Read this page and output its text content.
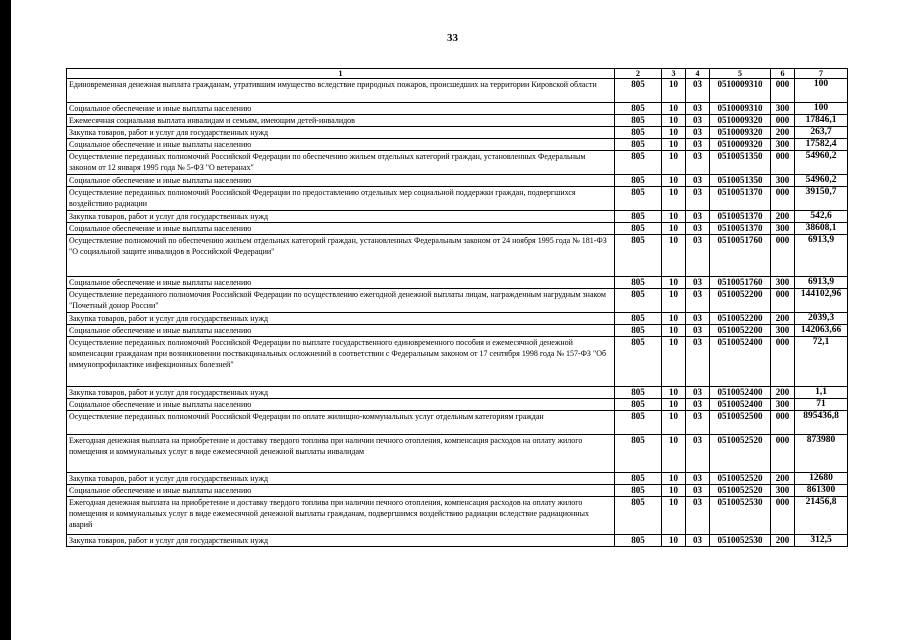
33
1	2	3	4	5	6	7
Единовременная денежная выплата гражданам, утратившим имущество вследствие природных пожаров, происшедших на территории Кировской области	805	10	03	0510009310	000	100
Социальное обеспечение и иные выплаты населению	805	10	03	0510009310	300	100
Ежемесячная социальная выплата инвалидам и семьям, имеющим детей-инвалидов	805	10	03	0510009320	000	17846,1
Закупка товаров, работ и услуг для государственных нужд	805	10	03	0510009320	200	263,7
Социальное обеспечение и иные выплаты населению	805	10	03	0510009320	300	17582,4
Осуществление переданных полномочий Российской Федерации по обеспечению жильем отдельных категорий граждан, установленных Федеральным законом от 12 января 1995 года № 5-ФЗ "О ветеранах"	805	10	03	0510051350	000	54960,2
Социальное обеспечение и иные выплаты населению	805	10	03	0510051350	300	54960,2
Осуществление переданных полномочий Российской Федерации по предоставлению отдельных мер социальной поддержки граждан, подвергшихся воздействию радиации	805	10	03	0510051370	000	39150,7
Закупка товаров, работ и услуг для государственных нужд	805	10	03	0510051370	200	542,6
Социальное обеспечение и иные выплаты населению	805	10	03	0510051370	300	38608,1
Осуществление полномочий по обеспечению жильем отдельных категорий граждан, установленных Федеральным законом от 24 ноября 1995 года № 181-ФЗ "О социальной защите инвалидов в Российской Федерации"	805	10	03	0510051760	000	6913,9
Социальное обеспечение и иные выплаты населению	805	10	03	0510051760	300	6913,9
Осуществление переданного полномочия Российской Федерации по осуществлению ежегодной денежной выплаты лицам, награжденным нагрудным знаком "Почетный донор России"	805	10	03	0510052200	000	144102,96
Закупка товаров, работ и услуг для государственных нужд	805	10	03	0510052200	200	2039,3
Социальное обеспечение и иные выплаты населению	805	10	03	0510052200	300	142063,66
Осуществление переданных полномочий Российской Федерации по выплате государственного единовременного пособия и ежемесячной денежной компенсации гражданам при возникновении поствакцинальных осложнений в соответствии с Федеральным законом от 17 сентября 1998 года № 157-ФЗ "Об иммунопрофилактике инфекционных болезней"	805	10	03	0510052400	000	72,1
Закупка товаров, работ и услуг для государственных нужд	805	10	03	0510052400	200	1,1
Социальное обеспечение и иные выплаты населению	805	10	03	0510052400	300	71
Осуществление переданных полномочий Российской Федерации по оплате жилищно-коммунальных услуг отдельным категориям граждан	805	10	03	0510052500	000	895436,8
Ежегодная денежная выплата на приобретение и доставку твердого топлива при наличии печного отопления, компенсация расходов на оплату жилого помещения и коммунальных услуг в виде ежемесячной денежной выплаты инвалидам	805	10	03	0510052520	000	873980
Закупка товаров, работ и услуг для государственных нужд	805	10	03	0510052520	200	12680
Социальное обеспечение и иные выплаты населению	805	10	03	0510052520	300	861300
Ежегодная денежная выплата на приобретение и доставку твердого топлива при наличии печного отопления, компенсация расходов на оплату жилого помещения и коммунальных услуг в виде ежемесячной денежной выплаты гражданам, подвергшимся воздействию радиации вследствие радиационных аварий	805	10	03	0510052530	000	21456,8
Закупка товаров, работ и услуг для государственных нужд	805	10	03	0510052530	200	312,5
